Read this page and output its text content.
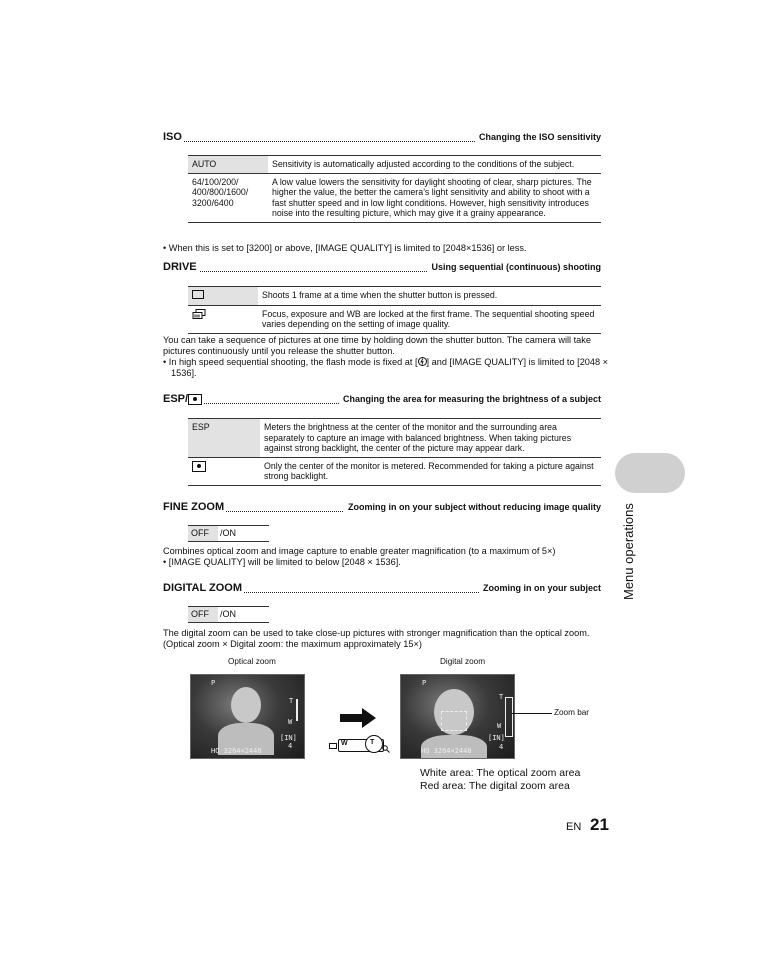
ISO	Changing the ISO sensitivity
AUTO	Sensitivity is automatically adjusted according to the conditions of the subject.
64/100/200/ 400/800/1600/ 3200/6400	A low value lowers the sensitivity for daylight shooting of clear, sharp pictures. The higher the value, the better the camera’s light sensitivity and ability to shoot with a fast shutter speed and in low light conditions. However, high sensitivity introduces noise into the resulting picture, which may give it a grainy appearance.
• When this is set to [3200] or above, [IMAGE QUALITY] is limited to [2048×1536] or less.
DRIVE	Using sequential (continuous) shooting
	Shoots 1 frame at a time when the shutter button is pressed.
	Focus, exposure and WB are locked at the first frame. The sequential shooting speed varies depending on the setting of image quality.
You can take a sequence of pictures at one time by holding down the shutter button. The camera will take pictures continuously until you release the shutter button.
• In high speed sequential shooting, the flash mode is fixed at [ ] and [IMAGE QUALITY] is limited to [2048 × 1536].
ESP/	Changing the area for measuring the brightness of a subject
ESP	Meters the brightness at the center of the monitor and the surrounding area separately to capture an image with balanced brightness. When taking pictures against strong backlight, the center of the picture may appear dark.
	Only the center of the monitor is metered. Recommended for taking a picture against strong backlight.
FINE ZOOM	Zooming in on your subject without reducing image quality
OFF	/ON
Combines optical zoom and image capture to enable greater magnification (to a maximum of 5×)
• [IMAGE QUALITY] will be limited to below [2048 × 1536].
DIGITAL ZOOM	Zooming in on your subject
OFF	/ON
The digital zoom can be used to take close-up pictures with stronger magnification than the optical zoom. (Optical zoom × Digital zoom: the maximum approximately 15×)
Optical zoom	Digital zoom
P
T
W
[IN]
4
HQ 3264×2448
W	T
P
T
W
[IN]
4
HQ 3264×2448
Zoom bar
White area: The optical zoom area
Red area: The digital zoom area
Menu operations
EN 21
